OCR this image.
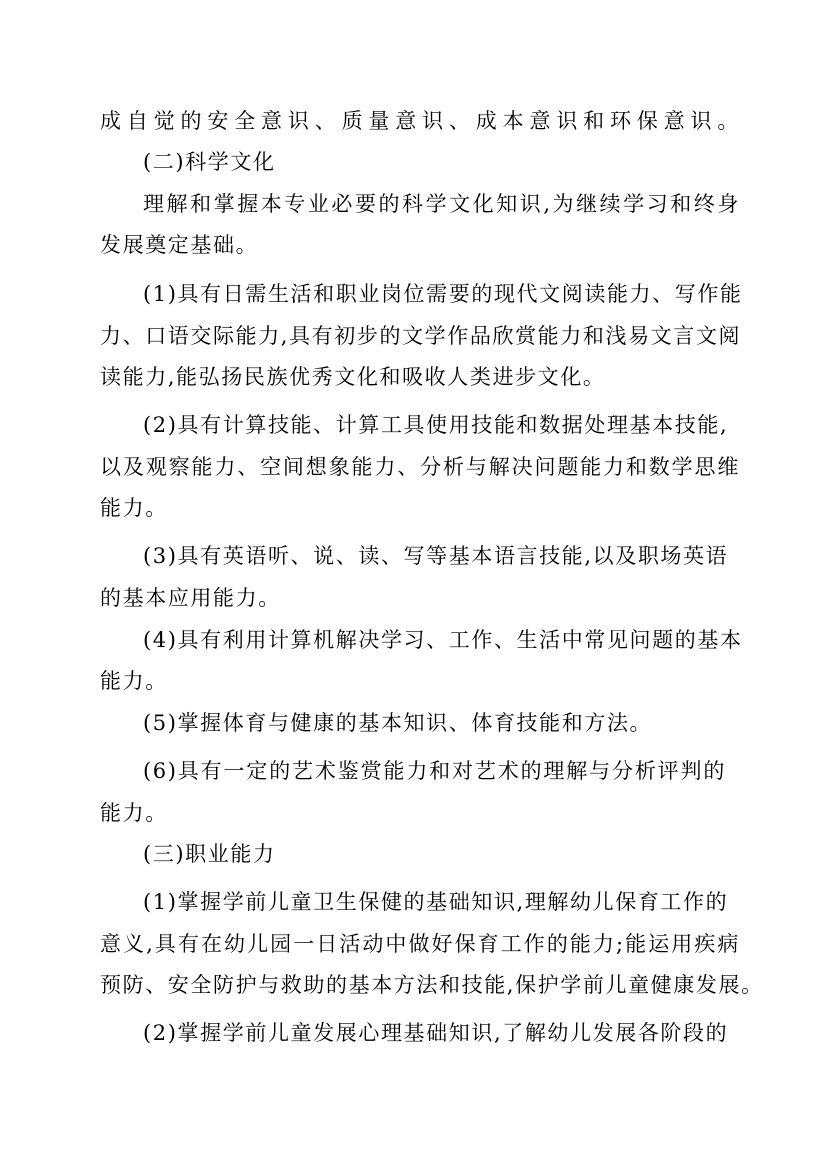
成自觉的安全意识、质量意识、成本意识和环保意识。
(二)科学文化
理解和掌握本专业必要的科学文化知识,为继续学习和终身
发展奠定基础。
(1)具有日需生活和职业岗位需要的现代文阅读能力、写作能
力、口语交际能力,具有初步的文学作品欣赏能力和浅易文言文阅
读能力,能弘扬民族优秀文化和吸收人类进步文化。
(2)具有计算技能、计算工具使用技能和数据处理基本技能,
以及观察能力、空间想象能力、分析与解决问题能力和数学思维
能力。
(3)具有英语听、说、读、写等基本语言技能,以及职场英语
的基本应用能力。
(4)具有利用计算机解决学习、工作、生活中常见问题的基本
能力。
(5)掌握体育与健康的基本知识、体育技能和方法。
(6)具有一定的艺术鉴赏能力和对艺术的理解与分析评判的
能力。
(三)职业能力
(1)掌握学前儿童卫生保健的基础知识,理解幼儿保育工作的
意义,具有在幼儿园一日活动中做好保育工作的能力;能运用疾病
预防、安全防护与救助的基本方法和技能,保护学前儿童健康发展。
(2)掌握学前儿童发展心理基础知识,了解幼儿发展各阶段的
